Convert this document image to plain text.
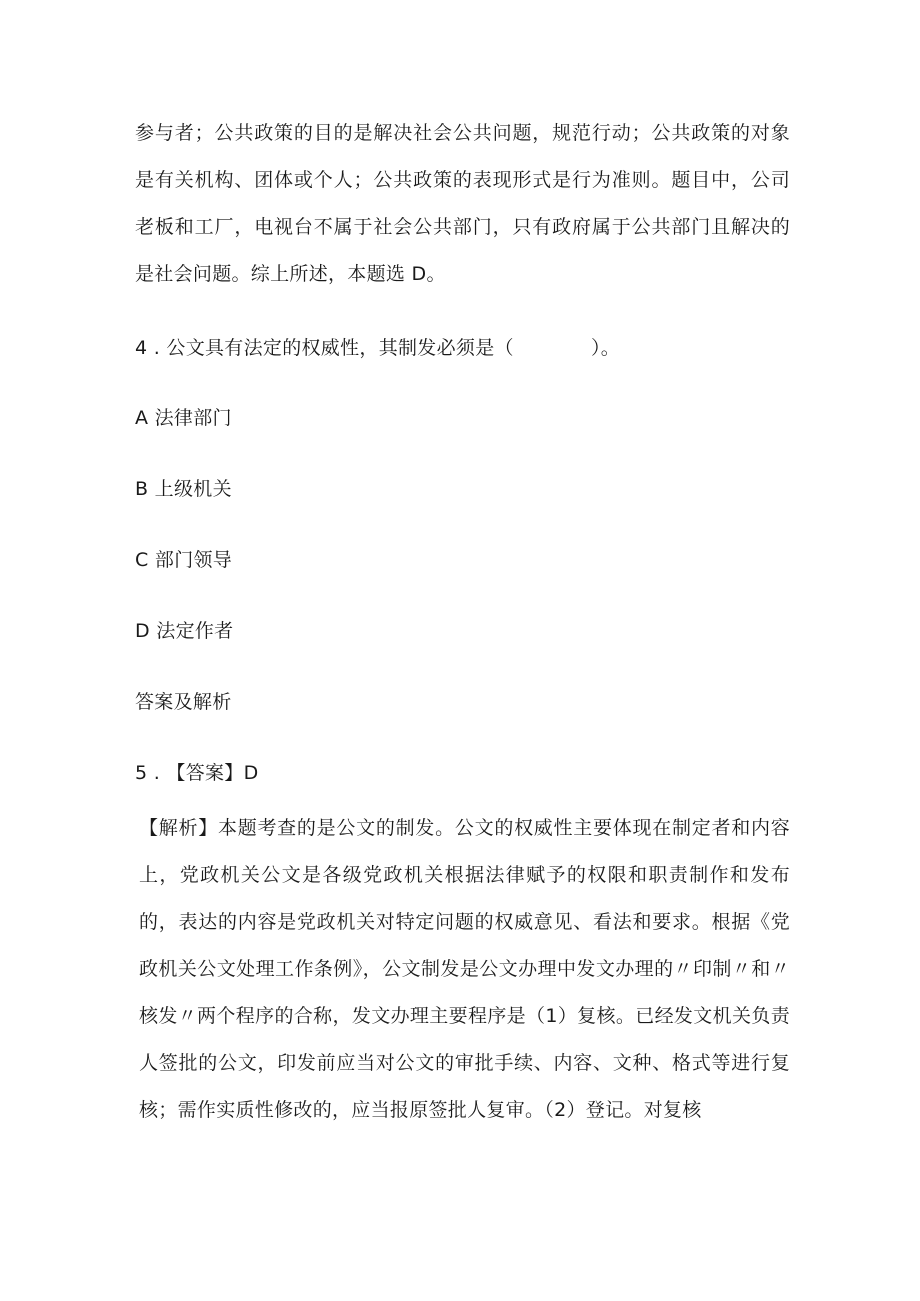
参与者；公共政策的目的是解决社会公共问题，规范行动；公共政策的对象是有关机构、团体或个人；公共政策的表现形式是行为准则。题目中，公司老板和工厂，电视台不属于社会公共部门，只有政府属于公共部门且解决的是社会问题。综上所述，本题选 D。

4 . 公文具有法定的权威性，其制发必须是（　　　　）。

A 法律部门

B 上级机关

C 部门领导

D 法定作者

答案及解析

5 . 【答案】D

【解析】本题考查的是公文的制发。公文的权威性主要体现在制定者和内容上，党政机关公文是各级党政机关根据法律赋予的权限和职责制作和发布的，表达的内容是党政机关对特定问题的权威意见、看法和要求。根据《党政机关公文处理工作条例》，公文制发是公文办理中发文办理的〃印制〃和〃核发〃两个程序的合称，发文办理主要程序是（1）复核。已经发文机关负责人签批的公文，印发前应当对公文的审批手续、内容、文种、格式等进行复核；需作实质性修改的，应当报原签批人复审。（2）登记。对复核
